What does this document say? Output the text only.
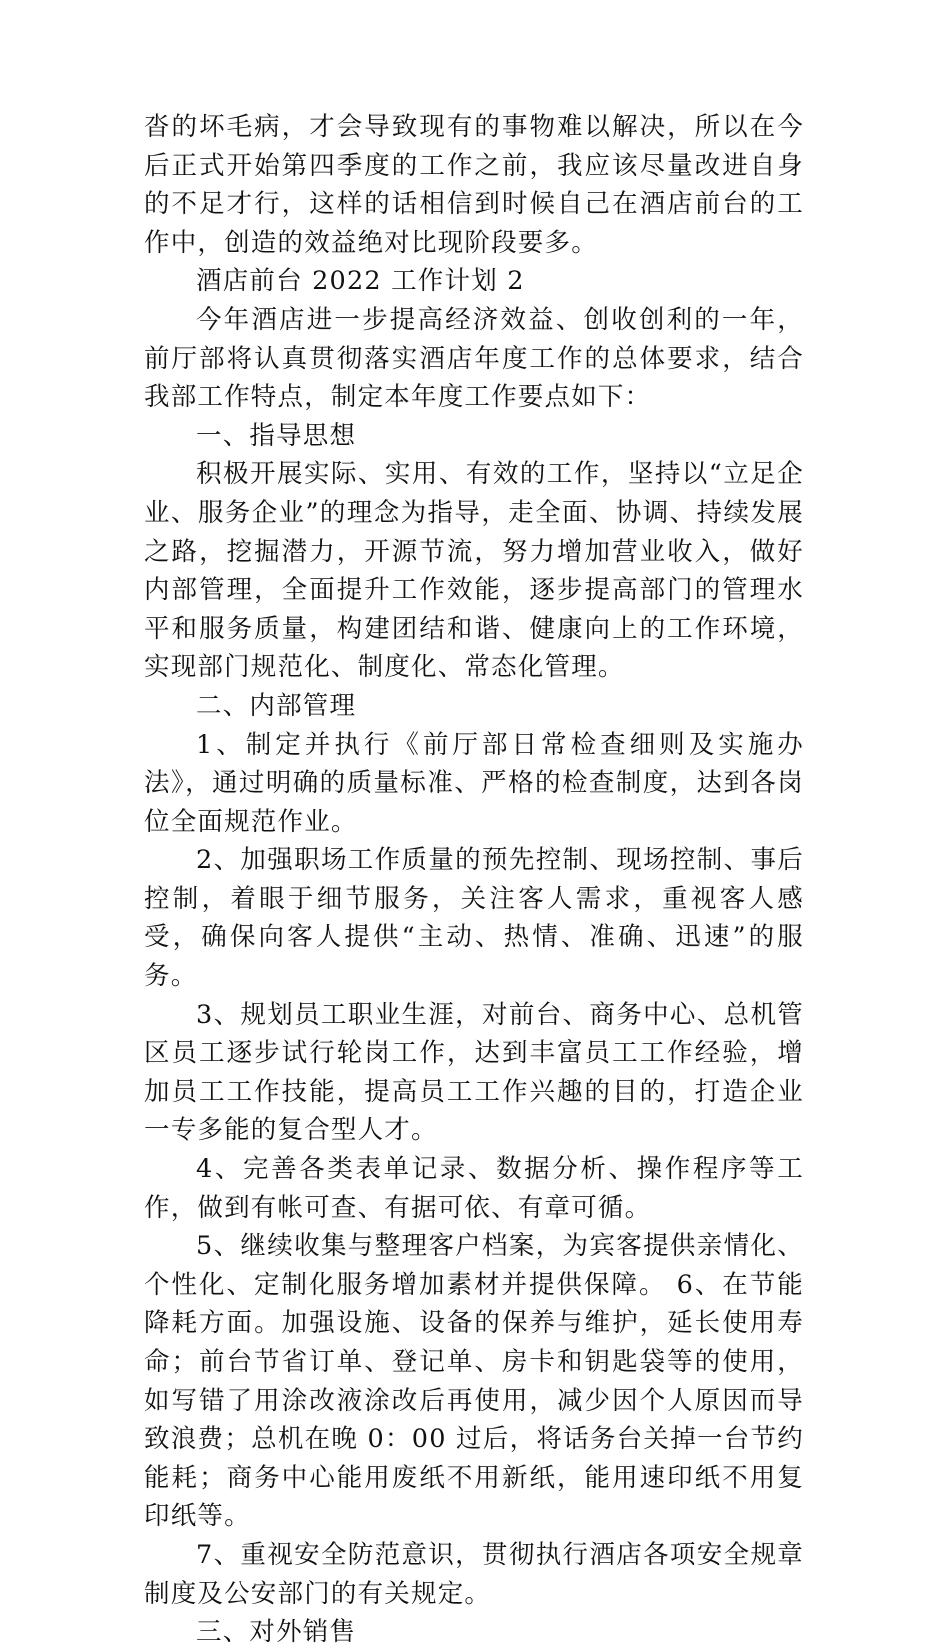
沓的坏毛病，才会导致现有的事物难以解决，所以在今后正式开始第四季度的工作之前，我应该尽量改进自身的不足才行，这样的话相信到时候自己在酒店前台的工作中，创造的效益绝对比现阶段要多。

酒店前台 2022 工作计划 2

今年酒店进一步提高经济效益、创收创利的一年，前厅部将认真贯彻落实酒店年度工作的总体要求，结合我部工作特点，制定本年度工作要点如下：

一、指导思想

积极开展实际、实用、有效的工作，坚持以“立足企业、服务企业”的理念为指导，走全面、协调、持续发展之路，挖掘潜力，开源节流，努力增加营业收入，做好内部管理，全面提升工作效能，逐步提高部门的管理水平和服务质量，构建团结和谐、健康向上的工作环境，实现部门规范化、制度化、常态化管理。

二、内部管理

1、制定并执行《前厅部日常检查细则及实施办法》，通过明确的质量标准、严格的检查制度，达到各岗位全面规范作业。

2、加强职场工作质量的预先控制、现场控制、事后控制，着眼于细节服务，关注客人需求，重视客人感受，确保向客人提供“主动、热情、准确、迅速”的服务。

3、规划员工职业生涯，对前台、商务中心、总机管区员工逐步试行轮岗工作，达到丰富员工工作经验，增加员工工作技能，提高员工工作兴趣的目的，打造企业一专多能的复合型人才。

4、完善各类表单记录、数据分析、操作程序等工作，做到有帐可查、有据可依、有章可循。

5、继续收集与整理客户档案，为宾客提供亲情化、个性化、定制化服务增加素材并提供保障。 6、在节能降耗方面。加强设施、设备的保养与维护，延长使用寿命；前台节省订单、登记单、房卡和钥匙袋等的使用，如写错了用涂改液涂改后再使用，减少因个人原因而导致浪费；总机在晚 0：00 过后，将话务台关掉一台节约能耗；商务中心能用废纸不用新纸，能用速印纸不用复印纸等。

7、重视安全防范意识，贯彻执行酒店各项安全规章制度及公安部门的有关规定。

三、对外销售
